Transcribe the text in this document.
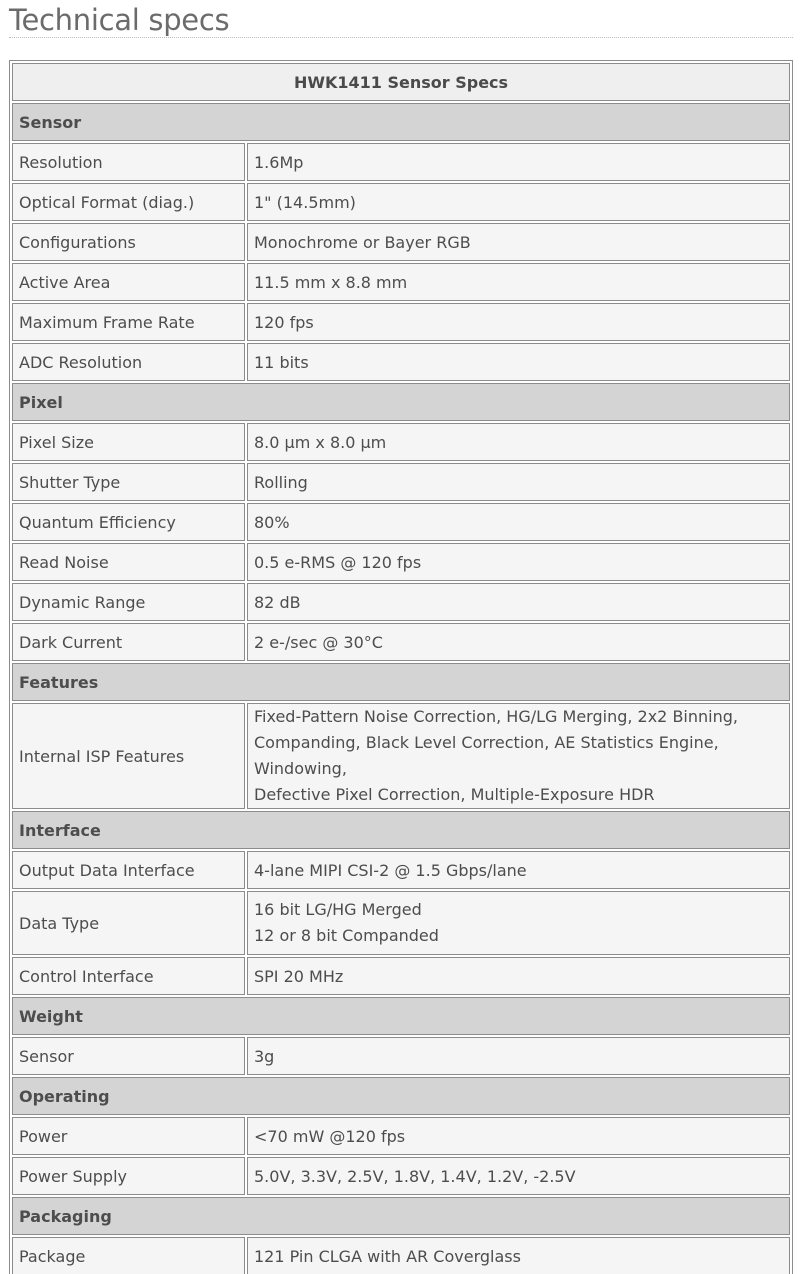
Technical specs
HWK1411 Sensor Specs	
Sensor	
Resolution	1.6Mp
Optical Format (diag.)	1" (14.5mm)
Configurations	Monochrome or Bayer RGB
Active Area	11.5 mm x 8.8 mm
Maximum Frame Rate	120 fps
ADC Resolution	11 bits
Pixel	
Pixel Size	8.0 µm x 8.0 µm
Shutter Type	Rolling
Quantum Efficiency	80%
Read Noise	0.5 e-RMS @ 120 fps
Dynamic Range	82 dB
Dark Current	2 e-/sec @ 30°C
Features	
Internal ISP Features	Fixed-Pattern Noise Correction, HG/LG Merging, 2x2 Binning,
Companding, Black Level Correction, AE Statistics Engine, Windowing,
Defective Pixel Correction, Multiple-Exposure HDR

Interface	
Output Data Interface	4-lane MIPI CSI-2 @ 1.5 Gbps/lane
Data Type	16 bit LG/HG Merged
12 or 8 bit Companded

Control Interface	SPI 20 MHz
Weight	
Sensor	3g
Operating	
Power	<70 mW @120 fps
Power Supply	5.0V, 3.3V, 2.5V, 1.8V, 1.4V, 1.2V, -2.5V
Packaging	
Package	121 Pin CLGA with AR Coverglass
